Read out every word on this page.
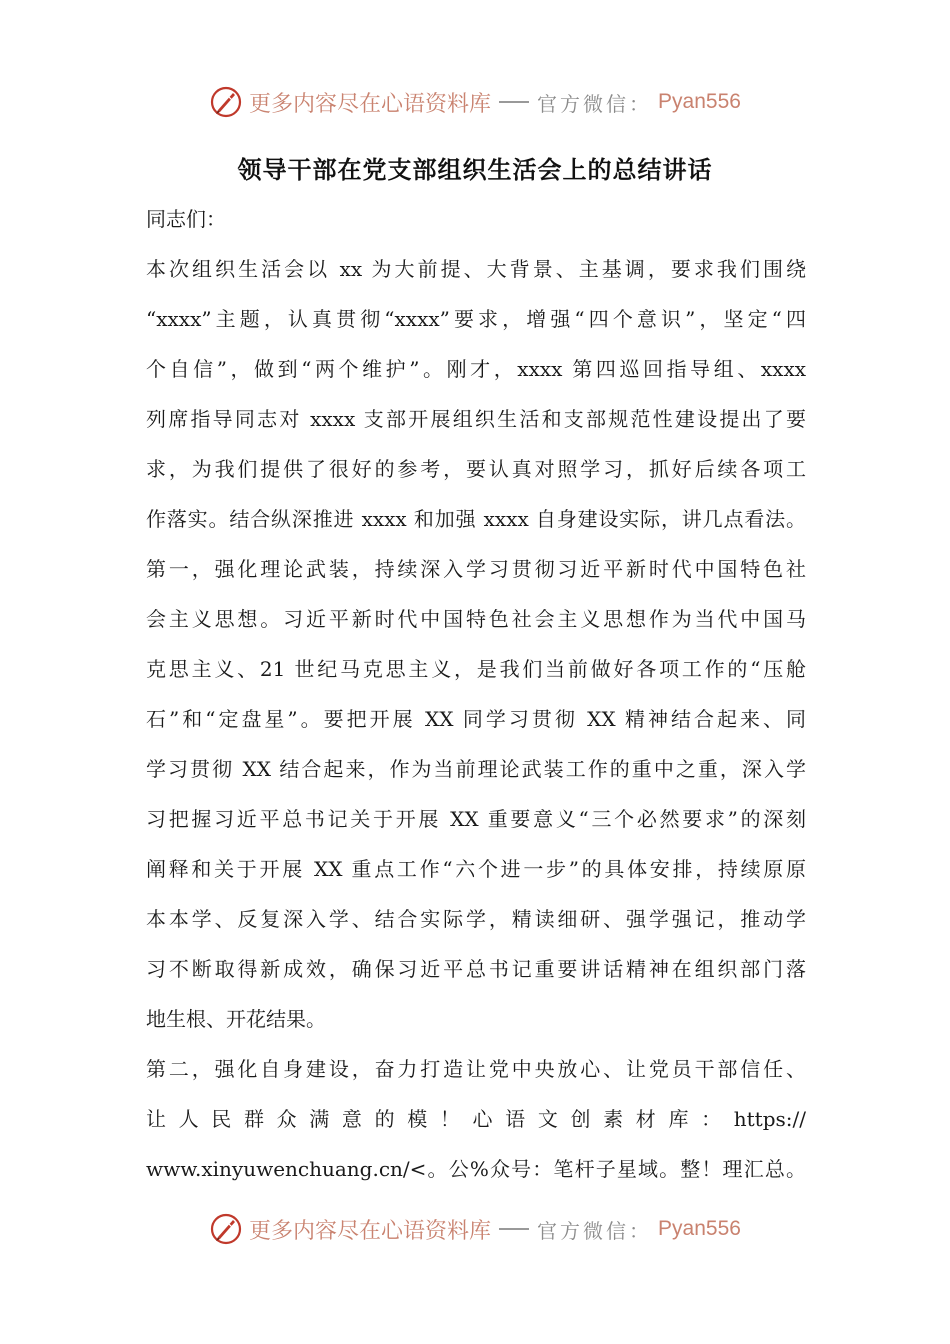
更多内容尽在心语资料库 官方微信： Pyan556
领导干部在党支部组织生活会上的总结讲话
同志们：
本次组织生活会以 xx 为大前提、大背景、主基调，要求我们围绕
“xxxx”主题，认真贯彻“xxxx”要求，增强“四个意识”，坚定“四
个自信”，做到“两个维护”。刚才，xxxx 第四巡回指导组、xxxx
列席指导同志对 xxxx 支部开展组织生活和支部规范性建设提出了要
求，为我们提供了很好的参考，要认真对照学习，抓好后续各项工
作落实。结合纵深推进 xxxx 和加强 xxxx 自身建设实际，讲几点看法。
第一，强化理论武装，持续深入学习贯彻习近平新时代中国特色社
会主义思想。习近平新时代中国特色社会主义思想作为当代中国马
克思主义、21 世纪马克思主义，是我们当前做好各项工作的“压舱
石”和“定盘星”。要把开展 XX 同学习贯彻 XX 精神结合起来、同
学习贯彻 XX 结合起来，作为当前理论武装工作的重中之重，深入学
习把握习近平总书记关于开展 XX 重要意义“三个必然要求”的深刻
阐释和关于开展 XX 重点工作“六个进一步”的具体安排，持续原原
本本学、反复深入学、结合实际学，精读细研、强学强记，推动学
习不断取得新成效，确保习近平总书记重要讲话精神在组织部门落
地生根、开花结果。
第二，强化自身建设，奋力打造让党中央放心、让党员干部信任、
让人民群众满意的模！心语文创素材库：https://
www.xinyuwenchuang.cn/<。公%众号：笔杆子星域。整！理汇总。
更多内容尽在心语资料库 官方微信： Pyan556
